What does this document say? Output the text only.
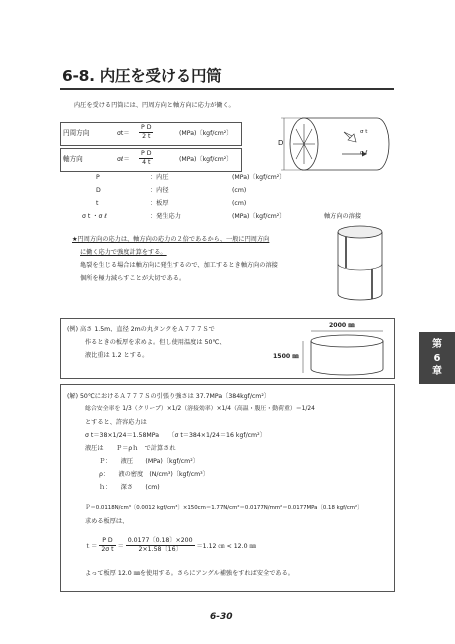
6-8. 内圧を受ける円筒
内圧を受ける円筒には、円周方向と軸方向に応力が働く。
円周方向	$\sigma t= \frac{\text{P D}}{2 t}$	(MPa)〔kgf/cm²〕
軸方向	σℓ＝ $\frac{\text{P D}}{4 t}$	(MPa)〔kgf/cm²〕
D
σ t
σ ℓ
P	：内圧	(MPa)〔kgf/cm²〕
D	：内径	(cm)
t	：板厚	(cm)
σ t ・σ ℓ	：発生応力	(MPa)〔kgf/cm²〕	軸方向の溶接
★円周方向の応力は、軸方向の応力の２倍であるから、一般に円周方向
に働く応力で強度計算をする。
亀裂を生じる場合は軸方向に発生するので、加工するとき軸方向の溶接
個所を極力減らすことが大切である。
(例) 高さ 1.5m、直径 2mの丸タンクをＡ７７７Ｓで
作るときの板厚を求めよ。但し使用温度は 50℃、
液比重は 1.2 とする。
2000 ㎜
1500 ㎜
第
6
章
(解) 50℃におけるＡ７７７Ｓの引張り強さは 37.7MPa〔384kgf/cm²〕
総合安全率を 1/3（クリープ）×1/2（溶接効率）×1/4（高温・腹圧・動荷重）＝1/24
とすると、許容応力は
σ t＝38×1/24＝1.58MPa　　〔σ t＝384×1/24＝16 kgf/cm²〕
液圧は　　Ｐ＝ρｈ　で計算され
Ｐ：　　液圧　　(MPa)〔kgf/cm²〕
ρ：　　液の密度　(N/cm³)〔kgf/cm³〕
ｈ：　　深さ　　(cm)
Ｐ＝0.0118N/cm³〔0.0012 kgf/cm³〕×150cm＝1.77N/cm²＝0.0177N/mm²＝0.0177MPa〔0.18 kgf/cm²〕
求める板厚は、
ｔ＝ $\frac{\text{P D}}{\text{2σ t}} = \frac{0.0177〔0.18〕\times 200}{2\times 1.58〔16〕} =1.12$ ㎝ < 12.0 ㎜
よって板厚 12.0 ㎜を使用する。さらにアングル補強をすれば安全である。
6-30
